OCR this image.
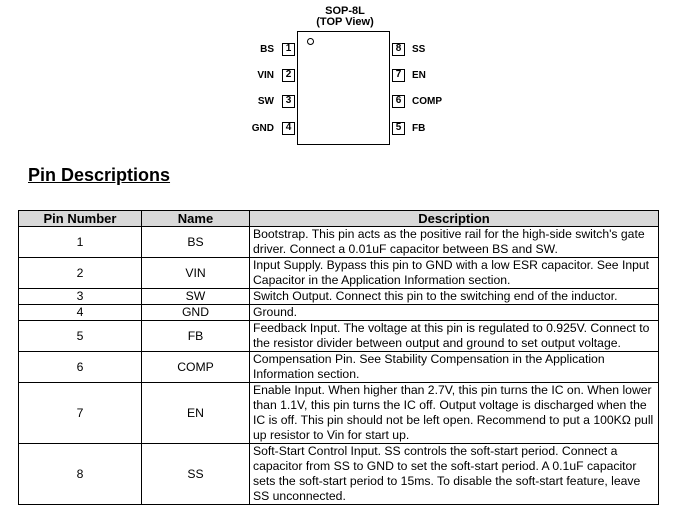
SOP-8L
(TOP View)
BS	1
VIN	2
SW	3
GND	4
8	SS
7	EN
6	COMP
5	FB
Pin Descriptions
Pin Number	Name	Description
1	BS	Bootstrap. This pin acts as the positive rail for the high-side switch's gate driver. Connect a 0.01uF capacitor between BS and SW.
2	VIN	Input Supply. Bypass this pin to GND with a low ESR capacitor. See Input Capacitor in the Application Information section.
3	SW	Switch Output. Connect this pin to the switching end of the inductor.
4	GND	Ground.
5	FB	Feedback Input. The voltage at this pin is regulated to 0.925V. Connect to the resistor divider between output and ground to set output voltage.
6	COMP	Compensation Pin. See Stability Compensation in the Application Information section.
7	EN	Enable Input. When higher than 2.7V, this pin turns the IC on. When lower than 1.1V, this pin turns the IC off. Output voltage is discharged when the IC is off. This pin should not be left open. Recommend to put a 100KΩ pull up resistor to Vin for start up.
8	SS	Soft-Start Control Input. SS controls the soft-start period. Connect a capacitor from SS to GND to set the soft-start period. A 0.1uF capacitor sets the soft-start period to 15ms. To disable the soft-start feature, leave SS unconnected.
